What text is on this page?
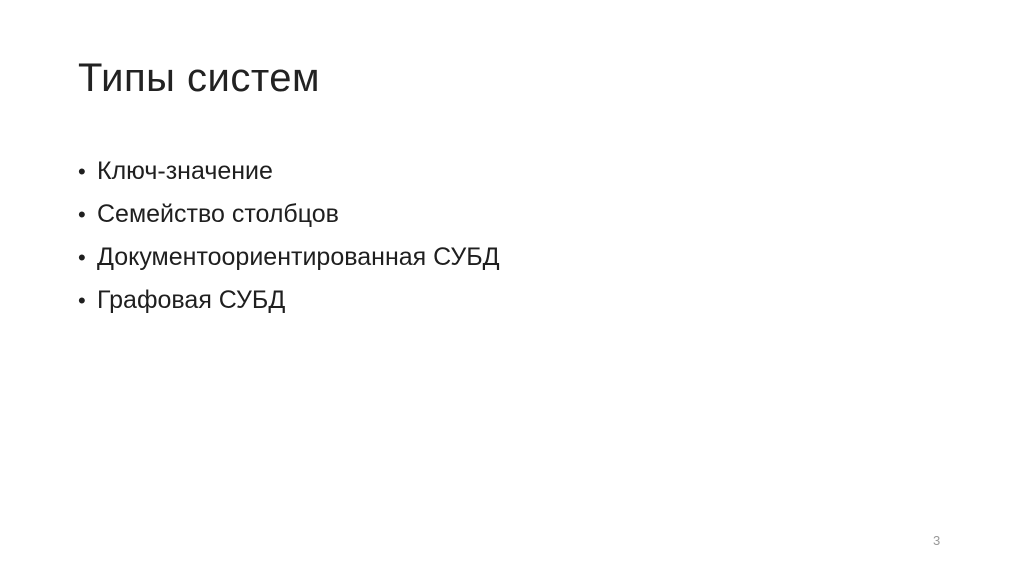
Типы систем
• Ключ-значение
• Семейство столбцов
• Документоориентированная СУБД
• Графовая СУБД
3
